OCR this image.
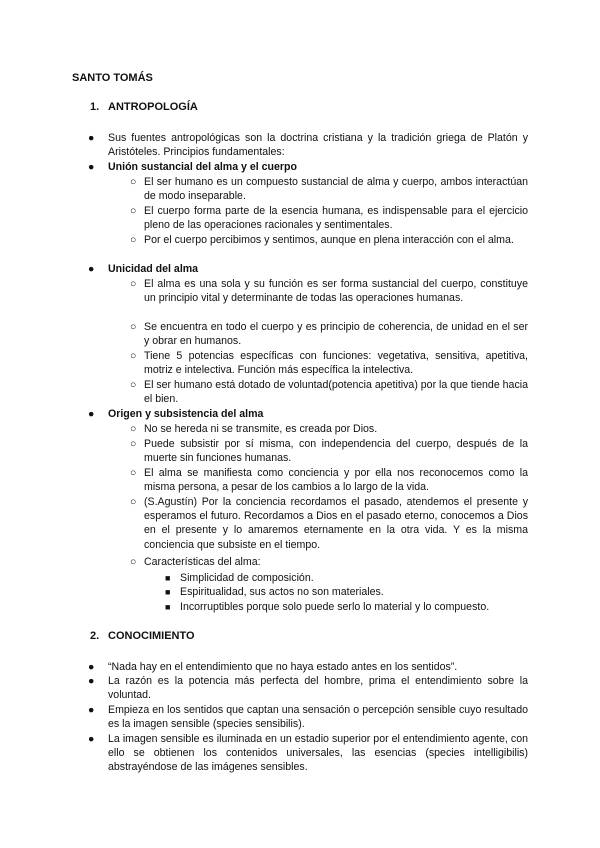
SANTO TOMÁS
1. ANTROPOLOGÍA
● Sus fuentes antropológicas son la doctrina cristiana y la tradición griega de Platón y Aristóteles. Principios fundamentales:
● Unión sustancial del alma y el cuerpo
○ El ser humano es un compuesto sustancial de alma y cuerpo, ambos interactúan de modo inseparable.
○ El cuerpo forma parte de la esencia humana, es indispensable para el ejercicio pleno de las operaciones racionales y sentimentales.
○ Por el cuerpo percibimos y sentimos, aunque en plena interacción con el alma.
● Unicidad del alma
○ El alma es una sola y su función es ser forma sustancial del cuerpo, constituye un principio vital y determinante de todas las operaciones humanas.
○ Se encuentra en todo el cuerpo y es principio de coherencia, de unidad en el ser y obrar en humanos.
○ Tiene 5 potencias específicas con funciones: vegetativa, sensitiva, apetitiva, motriz e intelectiva. Función más específica la intelectiva.
○ El ser humano está dotado de voluntad(potencia apetitiva) por la que tiende hacia el bien.
● Origen y subsistencia del alma
○ No se hereda ni se transmite, es creada por Dios.
○ Puede subsistir por sí misma, con independencia del cuerpo, después de la muerte sin funciones humanas.
○ El alma se manifiesta como conciencia y por ella nos reconocemos como la misma persona, a pesar de los cambios a lo largo de la vida.
○ (S.Agustín) Por la conciencia recordamos el pasado, atendemos el presente y esperamos el futuro. Recordamos a Dios en el pasado eterno, conocemos a Dios en el presente y lo amaremos eternamente en la otra vida. Y es la misma conciencia que subsiste en el tiempo.
○ Características del alma:
■ Simplicidad de composición.
■ Espiritualidad, sus actos no son materiales.
■ Incorruptibles porque solo puede serlo lo material y lo compuesto.
2. CONOCIMIENTO
● “Nada hay en el entendimiento que no haya estado antes en los sentidos”.
● La razón es la potencia más perfecta del hombre, prima el entendimiento sobre la voluntad.
● Empieza en los sentidos que captan una sensación o percepción sensible cuyo resultado es la imagen sensible (species sensibilis).
● La imagen sensible es iluminada en un estadio superior por el entendimiento agente, con ello se obtienen los contenidos universales, las esencias (species intelligibilis) abstrayéndose de las imágenes sensibles.
